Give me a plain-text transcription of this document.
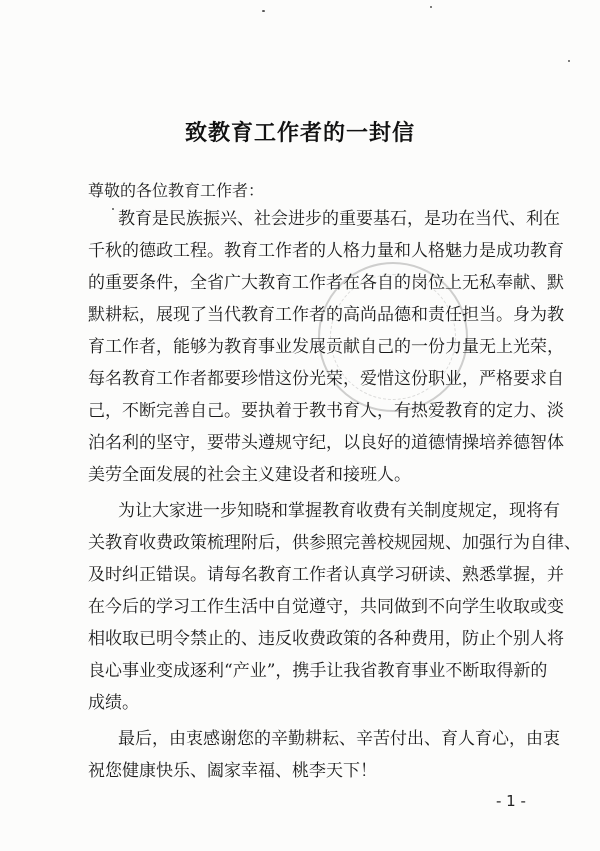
致教育工作者的一封信
尊敬的各位教育工作者：
教育是民族振兴、社会进步的重要基石，是功在当代、利在
千秋的德政工程。教育工作者的人格力量和人格魅力是成功教育
的重要条件，全省广大教育工作者在各自的岗位上无私奉献、默
默耕耘，展现了当代教育工作者的高尚品德和责任担当。身为教
育工作者，能够为教育事业发展贡献自己的一份力量无上光荣，
每名教育工作者都要珍惜这份光荣，爱惜这份职业，严格要求自
己，不断完善自己。要执着于教书育人，有热爱教育的定力、淡
泊名利的坚守，要带头遵规守纪，以良好的道德情操培养德智体
美劳全面发展的社会主义建设者和接班人。
为让大家进一步知晓和掌握教育收费有关制度规定，现将有
关教育收费政策梳理附后，供参照完善校规园规、加强行为自律、
及时纠正错误。请每名教育工作者认真学习研读、熟悉掌握，并
在今后的学习工作生活中自觉遵守，共同做到不向学生收取或变
相收取已明令禁止的、违反收费政策的各种费用，防止个别人将
良心事业变成逐利“产业”，携手让我省教育事业不断取得新的
成绩。
最后，由衷感谢您的辛勤耕耘、辛苦付出、育人育心，由衷
祝您健康快乐、阖家幸福、桃李天下！
- 1 -
